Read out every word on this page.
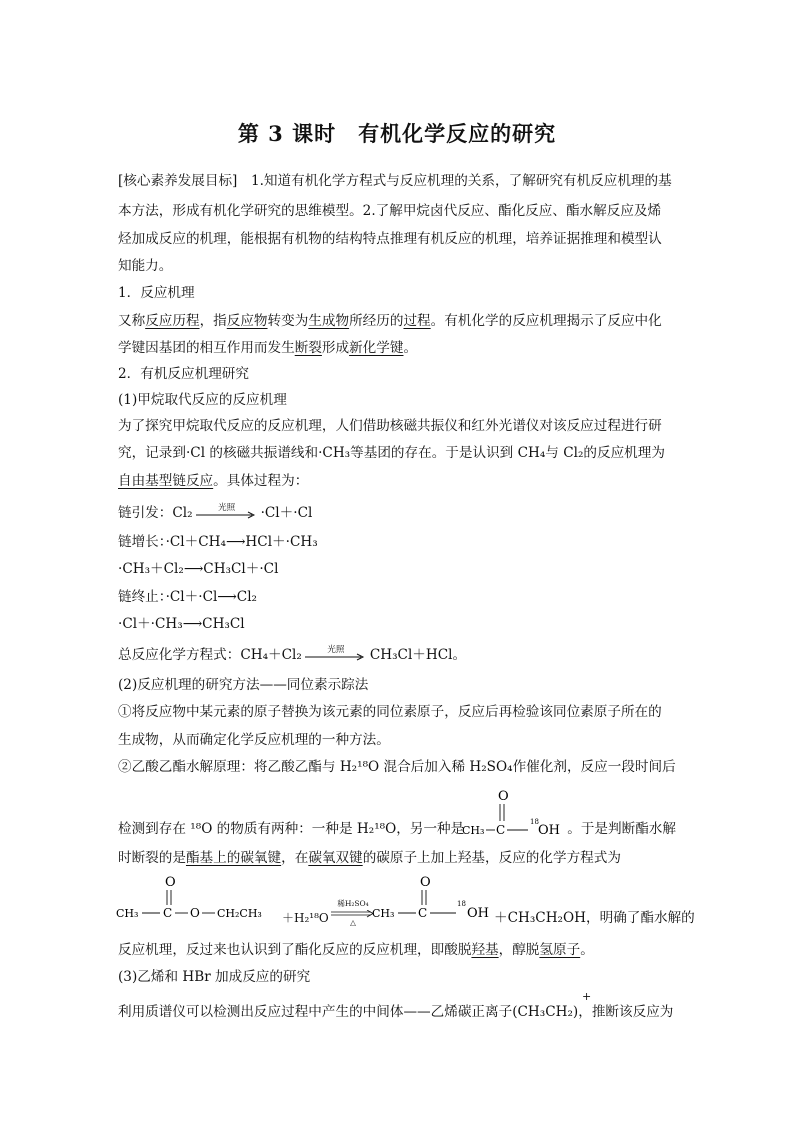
第 3 课时　有机化学反应的研究
[核心素养发展目标]　 1.知道有机化学方程式与反应机理的关系，了解研究有机反应机理的基
本方法，形成有机化学研究的思维模型。2.了解甲烷卤代反应、酯化反应、酯水解反应及烯
烃加成反应的机理，能根据有机物的结构特点推理有机反应的机理，培养证据推理和模型认
知能力。
1．反应机理
又称反应历程，指反应物转变为生成物所经历的过程。有机化学的反应机理揭示了反应中化
学键因基团的相互作用而发生断裂形成新化学键。
2．有机反应机理研究
(1)甲烷取代反应的反应机理
为了探究甲烷取代反应的反应机理，人们借助核磁共振仪和红外光谱仪对该反应过程进行研
究，记录到·Cl 的核磁共振谱线和·CH₃等基团的存在。于是认识到 CH₄与 Cl₂的反应机理为
自由基型链反应。具体过程为：
链引发：Cl₂	光照	·Cl＋·Cl
链增长：·Cl＋CH₄⟶HCl＋·CH₃
·CH₃＋Cl₂⟶CH₃Cl＋·Cl
链终止：·Cl＋·Cl⟶Cl₂
·Cl＋·CH₃⟶CH₃Cl
总反应化学方程式：CH₄＋Cl₂	光照	CH₃Cl＋HCl。
(2)反应机理的研究方法——同位素示踪法
①将反应物中某元素的原子替换为该元素的同位素原子，反应后再检验该同位素原子所在的
生成物，从而确定化学反应机理的一种方法。
②乙酸乙酯水解原理：将乙酸乙酯与 H₂¹⁸O 混合后加入稀 H₂SO₄作催化剂，反应一段时间后
检测到存在 ¹⁸O 的物质有两种：一种是 H₂¹⁸O，另一种是	。于是判断酯水解
O
CH₃ C
18
OH
时断裂的是酯基上的碳氧键，在碳氧双键的碳原子上加上羟基，反应的化学方程式为
O
CH₃ C O CH₂CH₃ ＋H₂¹⁸O
稀H₂SO₄
△
O
CH₃ C
18
OH ＋CH₃CH₂OH，明确了酯水解的
反应机理，反过来也认识到了酯化反应的反应机理，即酸脱羟基，醇脱氢原子。
(3)乙烯和 HBr 加成反应的研究
利用质谱仪可以检测出反应过程中产生的中间体——乙烯碳正离子(CH₃CH₂)，推断该反应为
+
